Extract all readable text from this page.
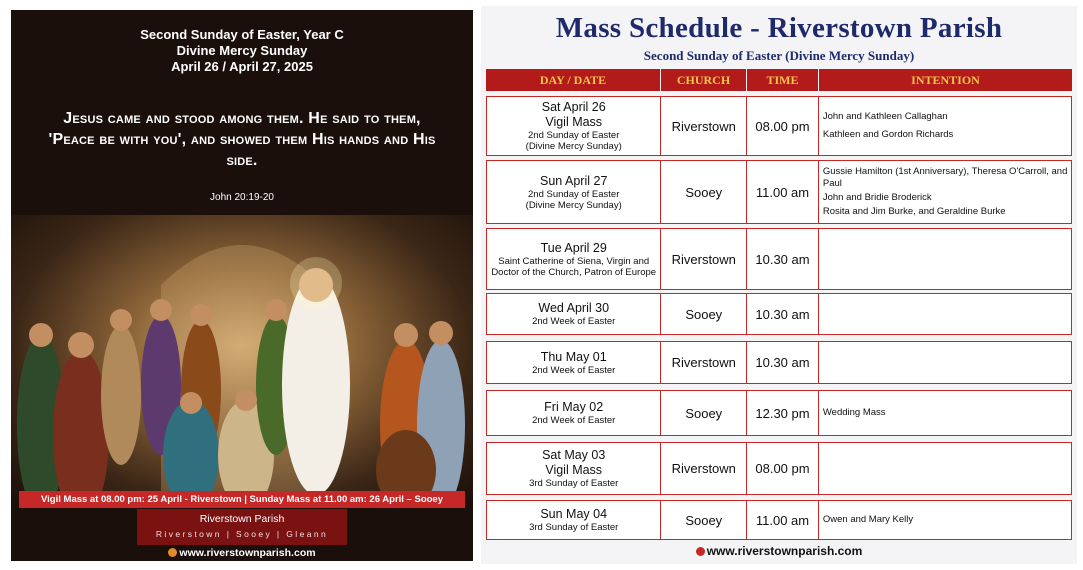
Second Sunday of Easter, Year C
Divine Mercy Sunday
April 26 / April 27, 2025
Jesus came and stood among them. He said to them, 'Peace be with you', and showed them His hands and His side.
John 20:19-20
Vigil Mass at 08.00 pm: 25 April - Riverstown | Sunday Mass at 11.00 am: 26 April – Sooey
Riverstown Parish
Riverstown | Sooey | Gleann
www.riverstownparish.com
Mass Schedule - Riverstown Parish
Second Sunday of Easter (Divine Mercy Sunday)
DAY / DATE	CHURCH	TIME	INTENTION
Sat April 26
Vigil Mass
2nd Sunday of Easter
(Divine Mercy Sunday)
Riverstown	08.00 pm
John and Kathleen Callaghan
Kathleen and Gordon Richards
Sun April 27
2nd Sunday of Easter
(Divine Mercy Sunday)
Sooey	11.00 am
Gussie Hamilton (1st Anniversary), Theresa O'Carroll, and Paul
John and Bridie Broderick
Rosita and Jim Burke, and Geraldine Burke
Tue April 29
Saint Catherine of Siena, Virgin and Doctor of the Church, Patron of Europe
Riverstown	10.30 am
Wed April 30
2nd Week of Easter	Sooey	10.30 am
Thu May 01
2nd Week of Easter	Riverstown	10.30 am
Fri May 02
2nd Week of Easter	Sooey	12.30 pm	Wedding Mass
Sat May 03
Vigil Mass
3rd Sunday of Easter
Riverstown	08.00 pm
Sun May 04
3rd Sunday of Easter	Sooey	11.00 am	Owen and Mary Kelly
www.riverstownparish.com
